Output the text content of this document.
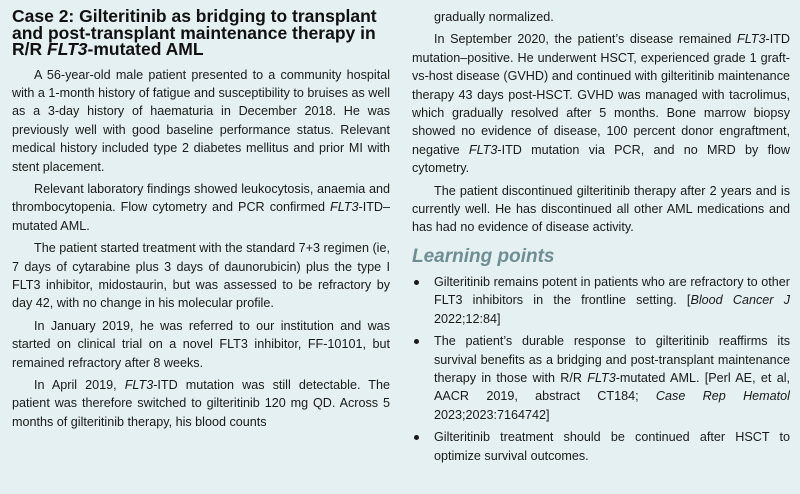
Case 2: Gilteritinib as bridging to transplant and post-transplant maintenance therapy in R/R FLT3-mutated AML

A 56-year-old male patient presented to a community hospital with a 1-month history of fatigue and susceptibility to bruises as well as a 3-day history of haematuria in December 2018. He was previously well with good baseline performance status. Relevant medical history included type 2 diabetes mellitus and prior MI with stent placement.

Relevant laboratory findings showed leukocytosis, anaemia and thrombocytopenia. Flow cytometry and PCR confirmed FLT3-ITD–mutated AML.

The patient started treatment with the standard 7+3 regimen (ie, 7 days of cytarabine plus 3 days of daunorubicin) plus the type I FLT3 inhibitor, midostaurin, but was assessed to be refractory by day 42, with no change in his molecular profile.

In January 2019, he was referred to our institution and was started on clinical trial on a novel FLT3 inhibitor, FF-10101, but remained refractory after 8 weeks.

In April 2019, FLT3-ITD mutation was still detectable. The patient was therefore switched to gilteritinib 120 mg QD. Across 5 months of gilteritinib therapy, his blood counts

gradually normalized.

In September 2020, the patient’s disease remained FLT3-ITD mutation–positive. He underwent HSCT, experienced grade 1 graft-vs-host disease (GVHD) and continued with gilteritinib maintenance therapy 43 days post-HSCT. GVHD was managed with tacrolimus, which gradually resolved after 5 months. Bone marrow biopsy showed no evidence of disease, 100 percent donor engraftment, negative FLT3-ITD mutation via PCR, and no MRD by flow cytometry.

The patient discontinued gilteritinib therapy after 2 years and is currently well. He has discontinued all other AML medications and has had no evidence of disease activity.

Learning points
Gilteritinib remains potent in patients who are refractory to other FLT3 inhibitors in the frontline setting. [Blood Cancer J 2022;12:84]
The patient’s durable response to gilteritinib reaffirms its survival benefits as a bridging and post-transplant maintenance therapy in those with R/R FLT3-mutated AML. [Perl AE, et al, AACR 2019, abstract CT184; Case Rep Hematol 2023;2023:7164742]
Gilteritinib treatment should be continued after HSCT to optimize survival outcomes.
